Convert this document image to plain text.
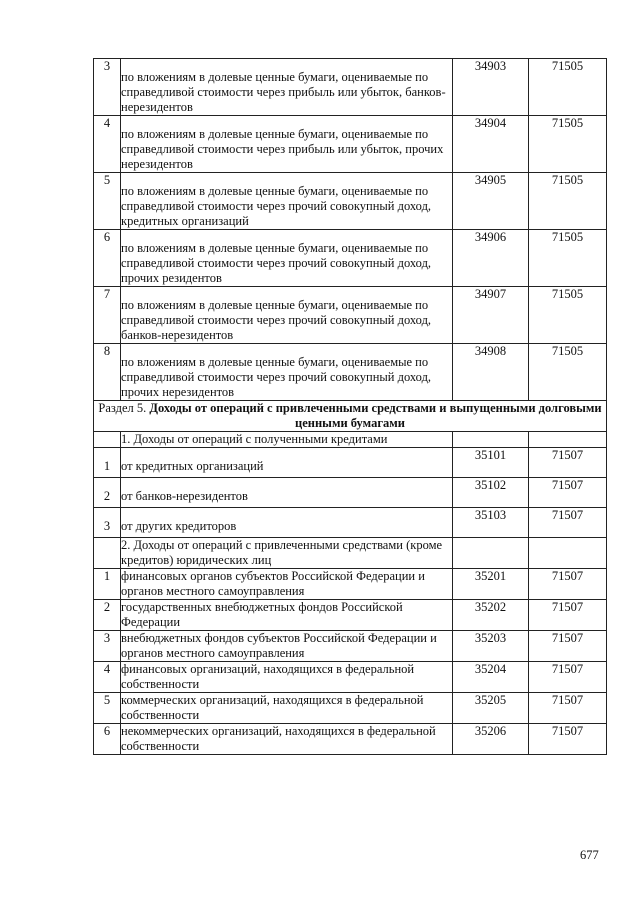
3	по вложениям в долевые ценные бумаги, оцениваемые по справедливой стоимости через прибыль или убыток, банков-нерезидентов	34903	71505
4	по вложениям в долевые ценные бумаги, оцениваемые по справедливой стоимости через прибыль или убыток, прочих нерезидентов	34904	71505
5	по вложениям в долевые ценные бумаги, оцениваемые по справедливой стоимости через прочий совокупный доход, кредитных организаций	34905	71505
6	по вложениям в долевые ценные бумаги, оцениваемые по справедливой стоимости через прочий совокупный доход, прочих резидентов	34906	71505
7	по вложениям в долевые ценные бумаги, оцениваемые по справедливой стоимости через прочий совокупный доход, банков-нерезидентов	34907	71505
8	по вложениям в долевые ценные бумаги, оцениваемые по справедливой стоимости через прочий совокупный доход, прочих нерезидентов	34908	71505
Раздел 5. Доходы от операций с привлеченными средствами и выпущенными долговыми ценными бумагами			
	1. Доходы от операций с полученными кредитами		
1	от кредитных организаций	35101	71507
2	от банков-нерезидентов	35102	71507
3	от других кредиторов	35103	71507
	2. Доходы от операций с привлеченными средствами (кроме кредитов) юридических лиц		
1	финансовых органов субъектов Российской Федерации и органов местного самоуправления	35201	71507
2	государственных внебюджетных фондов Российской Федерации	35202	71507
3	внебюджетных фондов субъектов Российской Федерации и органов местного самоуправления	35203	71507
4	финансовых организаций, находящихся в федеральной собственности	35204	71507
5	коммерческих организаций, находящихся в федеральной собственности	35205	71507
6	некоммерческих организаций, находящихся в федеральной собственности	35206	71507
677
